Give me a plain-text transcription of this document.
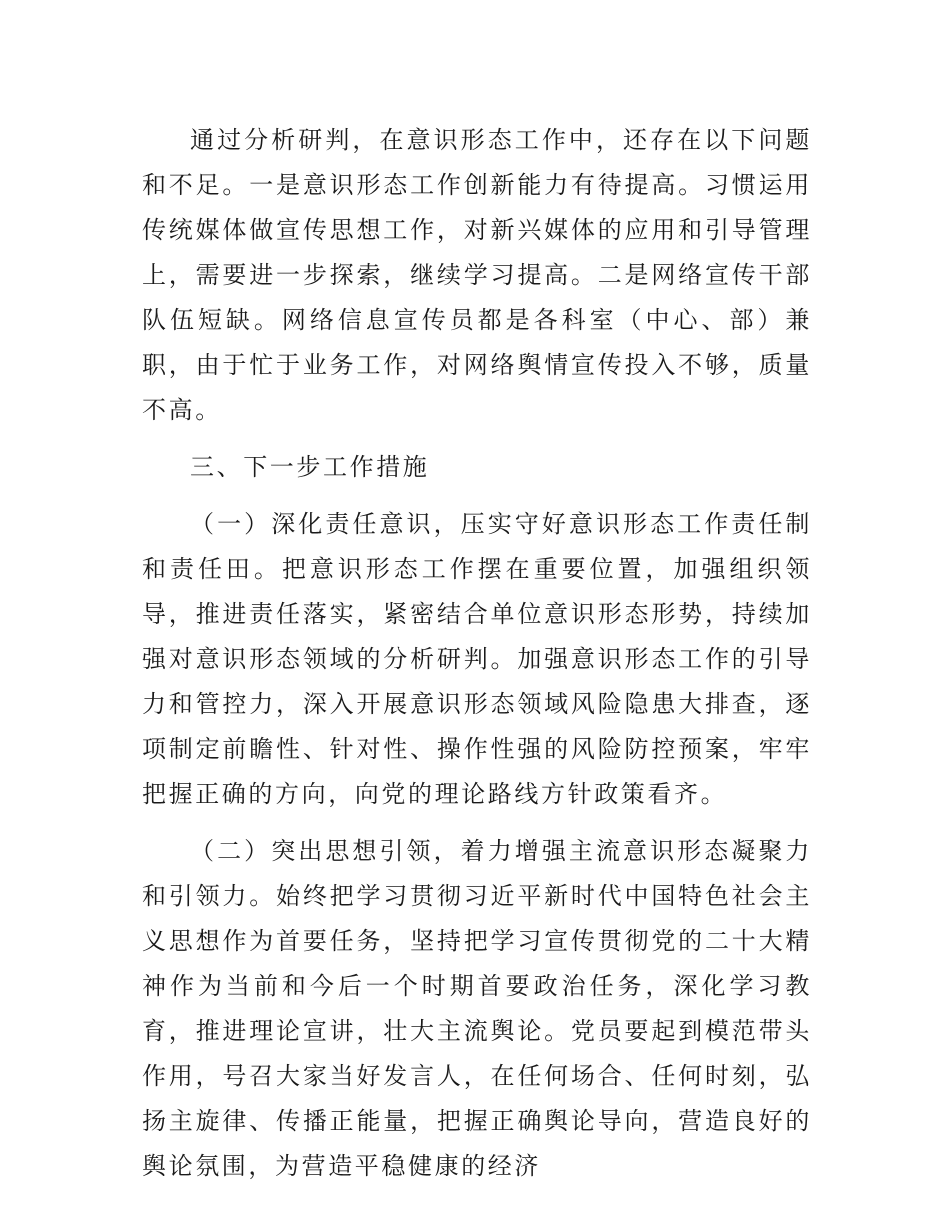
通过分析研判，在意识形态工作中，还存在以下问题和不足。一是意识形态工作创新能力有待提高。习惯运用传统媒体做宣传思想工作，对新兴媒体的应用和引导管理上，需要进一步探索，继续学习提高。二是网络宣传干部队伍短缺。网络信息宣传员都是各科室（中心、部）兼职，由于忙于业务工作，对网络舆情宣传投入不够，质量不高。

三、下一步工作措施

（一）深化责任意识，压实守好意识形态工作责任制和责任田。把意识形态工作摆在重要位置，加强组织领导，推进责任落实，紧密结合单位意识形态形势，持续加强对意识形态领域的分析研判。加强意识形态工作的引导力和管控力，深入开展意识形态领域风险隐患大排查，逐项制定前瞻性、针对性、操作性强的风险防控预案，牢牢把握正确的方向，向党的理论路线方针政策看齐。

（二）突出思想引领，着力增强主流意识形态凝聚力和引领力。始终把学习贯彻习近平新时代中国特色社会主义思想作为首要任务，坚持把学习宣传贯彻党的二十大精神作为当前和今后一个时期首要政治任务，深化学习教育，推进理论宣讲，壮大主流舆论。党员要起到模范带头作用，号召大家当好发言人，在任何场合、任何时刻，弘扬主旋律、传播正能量，把握正确舆论导向，营造良好的舆论氛围，为营造平稳健康的经济
